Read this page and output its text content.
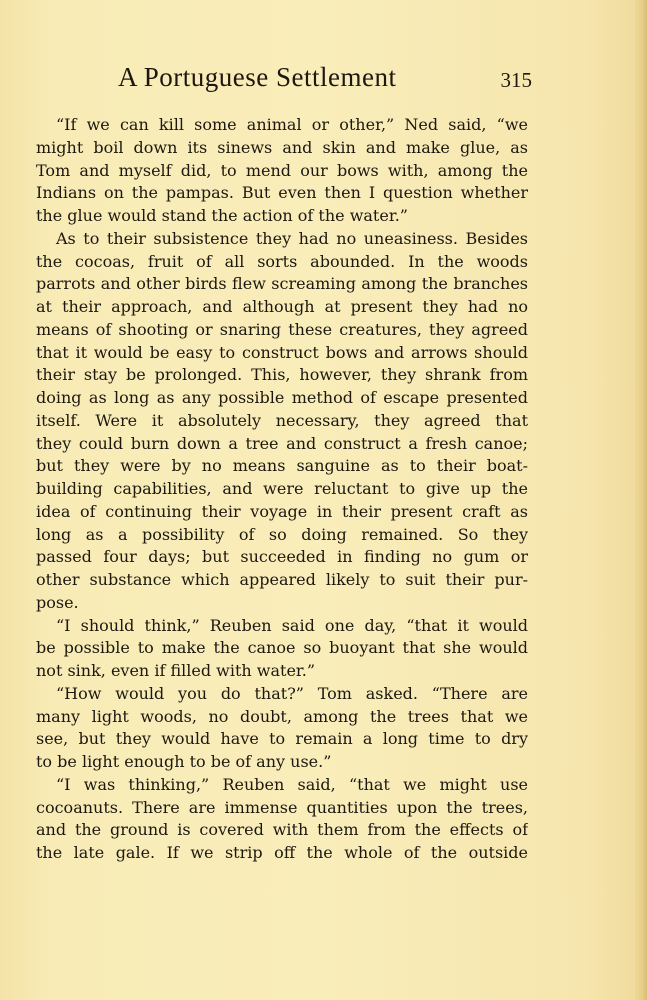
A Portuguese Settlement	315
“If we can kill some animal or other,” Ned said, “we
might boil down its sinews and skin and make glue, as
Tom and myself did, to mend our bows with, among the
Indians on the pampas. But even then I question whether
the glue would stand the action of the water.”
As to their subsistence they had no uneasiness. Besides
the cocoas, fruit of all sorts abounded. In the woods
parrots and other birds flew screaming among the branches
at their approach, and although at present they had no
means of shooting or snaring these creatures, they agreed
that it would be easy to construct bows and arrows should
their stay be prolonged. This, however, they shrank from
doing as long as any possible method of escape presented
itself. Were it absolutely necessary, they agreed that
they could burn down a tree and construct a fresh canoe;
but they were by no means sanguine as to their boat-
building capabilities, and were reluctant to give up the
idea of continuing their voyage in their present craft as
long as a possibility of so doing remained. So they
passed four days; but succeeded in finding no gum or
other substance which appeared likely to suit their pur-
pose.
“I should think,” Reuben said one day, “that it would
be possible to make the canoe so buoyant that she would
not sink, even if filled with water.”
“How would you do that?” Tom asked. “There are
many light woods, no doubt, among the trees that we
see, but they would have to remain a long time to dry
to be light enough to be of any use.”
“I was thinking,” Reuben said, “that we might use
cocoanuts. There are immense quantities upon the trees,
and the ground is covered with them from the effects of
the late gale. If we strip off the whole of the outside
